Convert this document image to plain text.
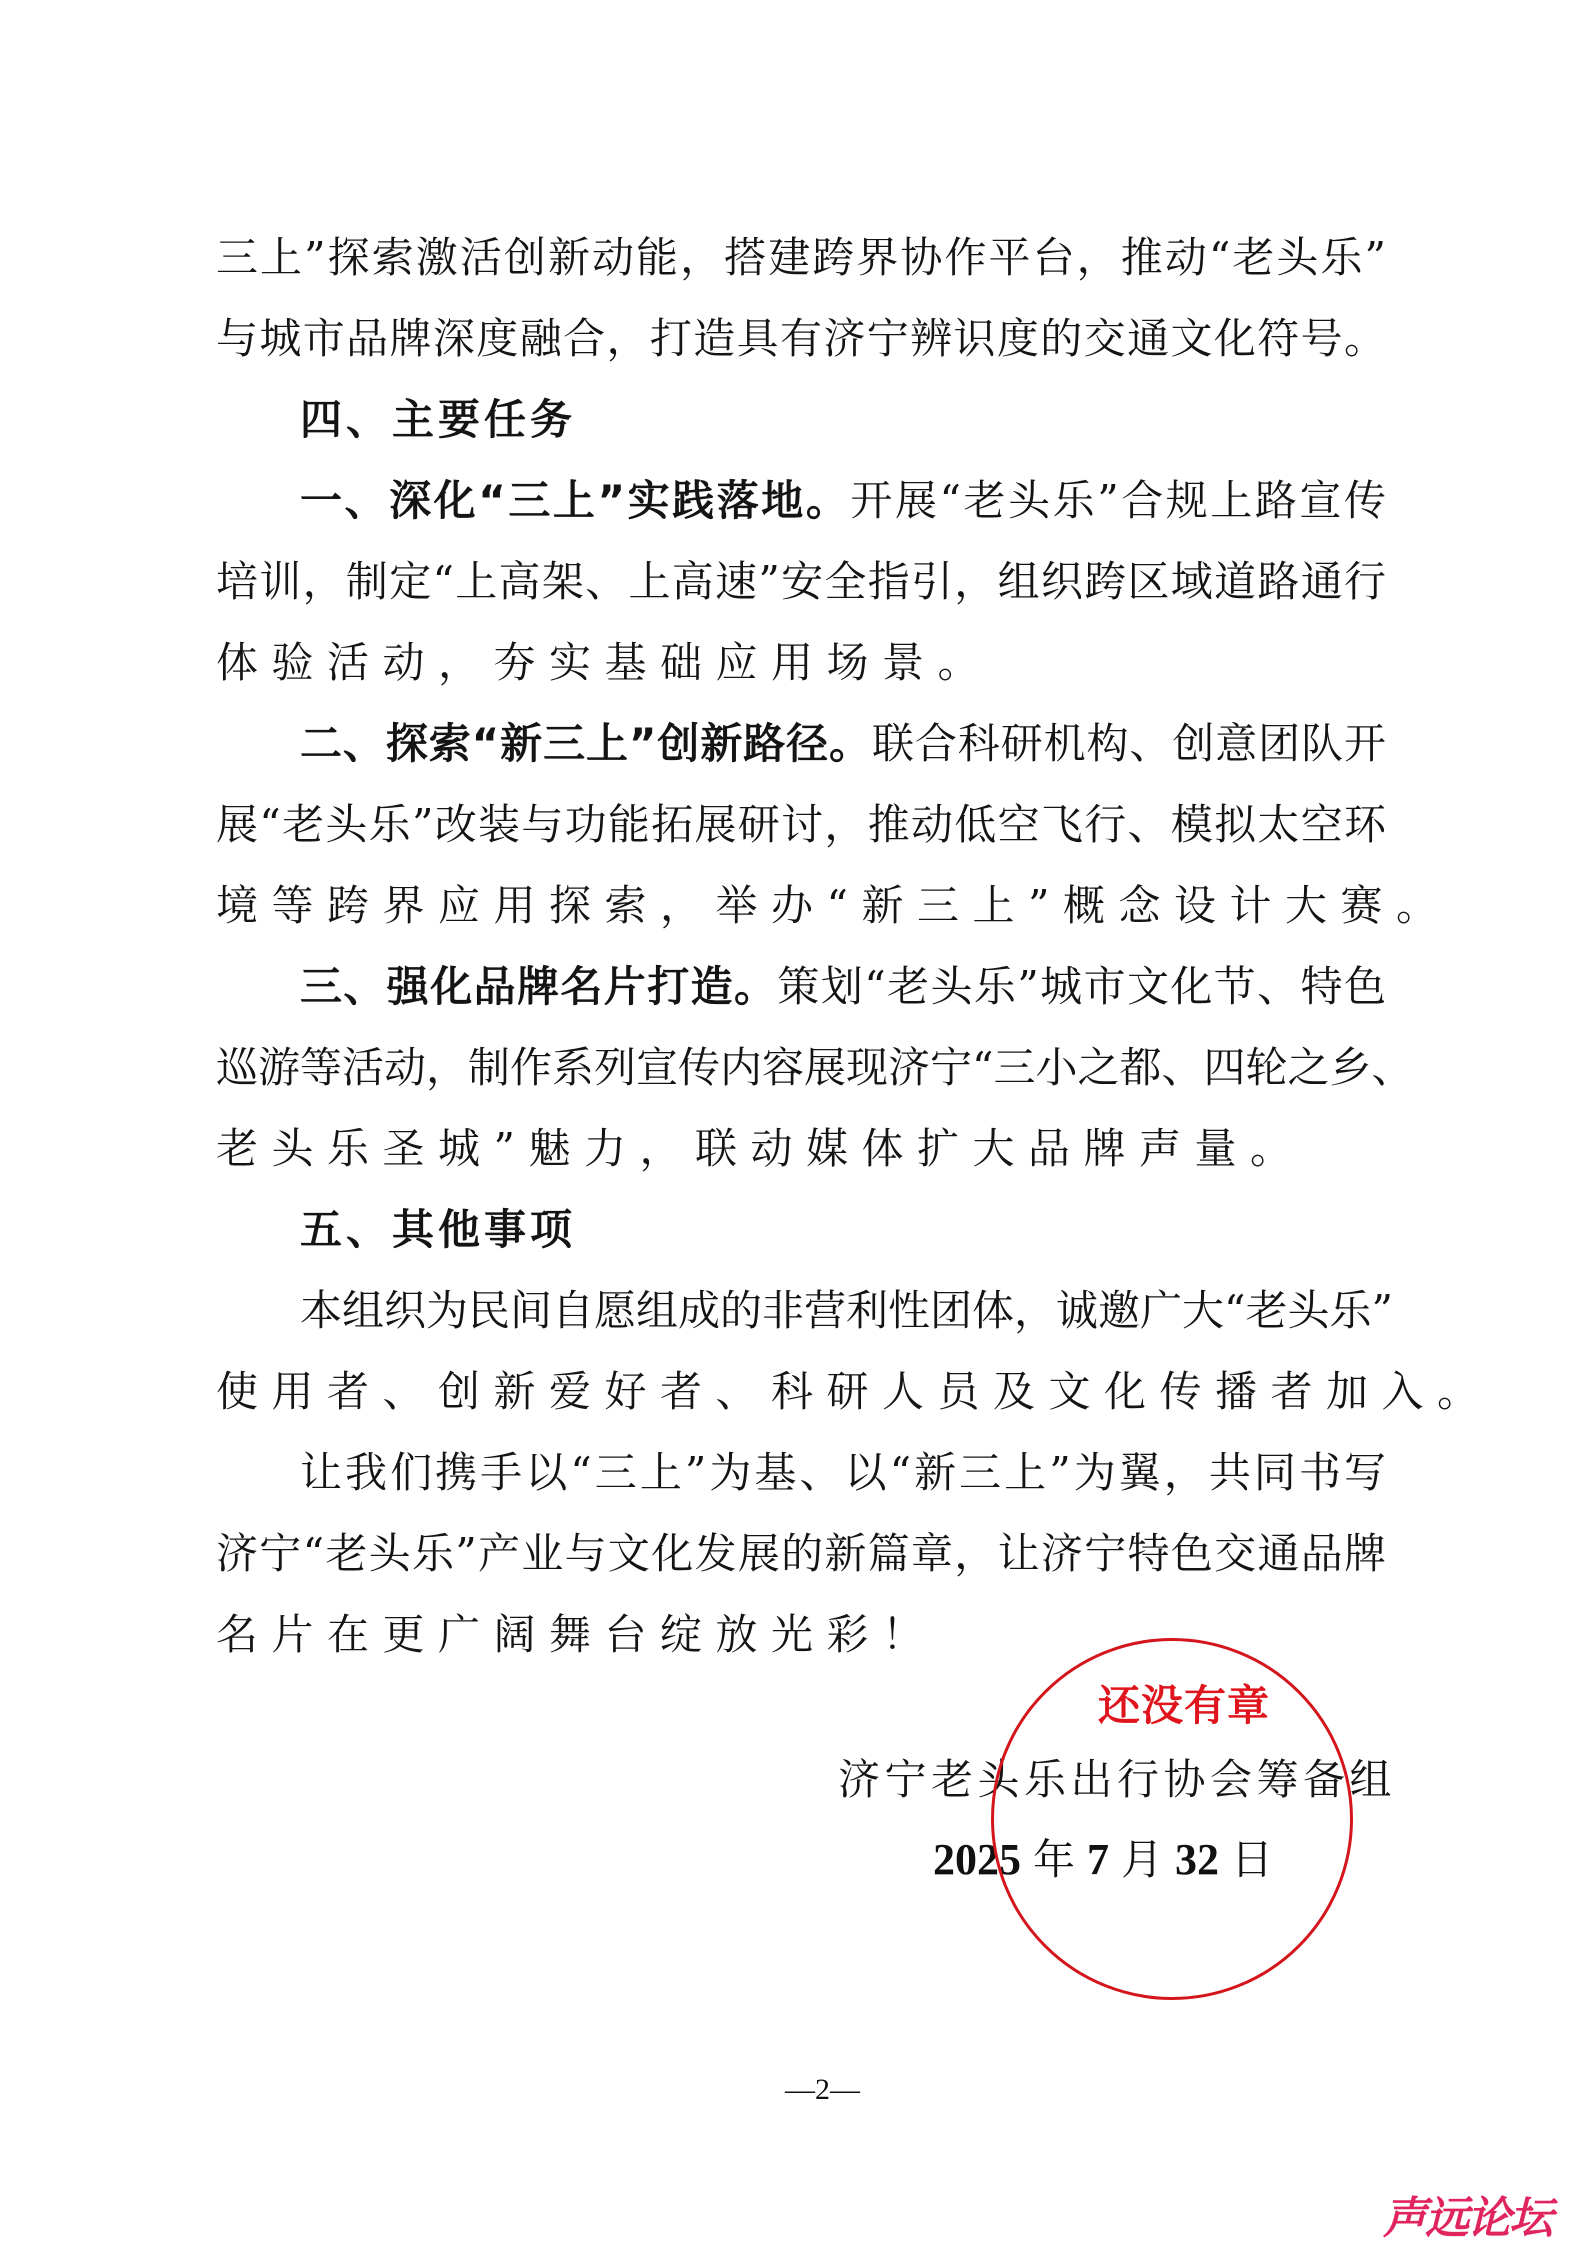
三上”探索激活创新动能，搭建跨界协作平台，推动“老头乐”
与城市品牌深度融合，打造具有济宁辨识度的交通文化符号。
四、主要任务
一、深化“三上”实践落地。开展“老头乐”合规上路宣传
培训，制定“上高架、上高速”安全指引，组织跨区域道路通行
体验活动，夯实基础应用场景。
二、探索“新三上”创新路径。联合科研机构、创意团队开
展“老头乐”改装与功能拓展研讨，推动低空飞行、模拟太空环
境等跨界应用探索，举办“新三上”概念设计大赛。
三、强化品牌名片打造。策划“老头乐”城市文化节、特色
巡游等活动，制作系列宣传内容展现济宁“三小之都、四轮之乡、
老头乐圣城”魅力，联动媒体扩大品牌声量。
五、其他事项
本组织为民间自愿组成的非营利性团体，诚邀广大“老头乐”
使用者、创新爱好者、科研人员及文化传播者加入。
让我们携手以“三上”为基、以“新三上”为翼，共同书写
济宁“老头乐”产业与文化发展的新篇章，让济宁特色交通品牌
名片在更广阔舞台绽放光彩！
济宁老头乐出行协会筹备组
2025 年 7 月 32 日
还没有章
—2—
声远论坛
